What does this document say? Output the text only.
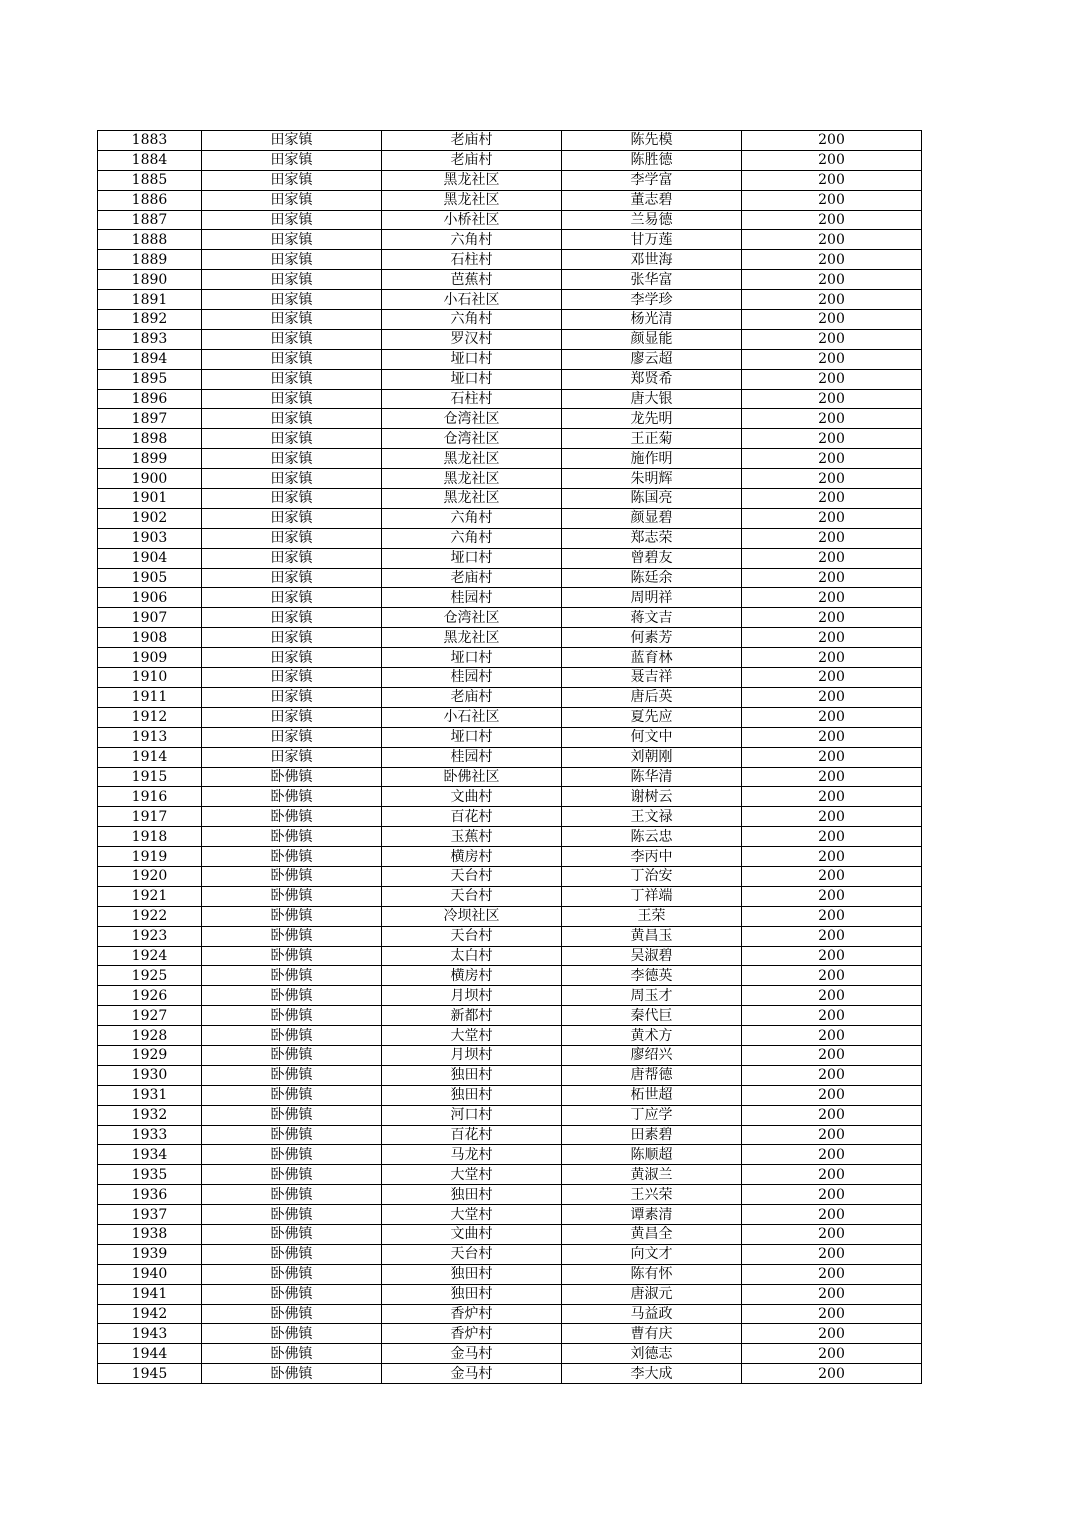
1883	田家镇	老庙村	陈先模	200
1884	田家镇	老庙村	陈胜德	200
1885	田家镇	黑龙社区	李学富	200
1886	田家镇	黑龙社区	董志碧	200
1887	田家镇	小桥社区	兰易德	200
1888	田家镇	六角村	甘万莲	200
1889	田家镇	石柱村	邓世海	200
1890	田家镇	芭蕉村	张华富	200
1891	田家镇	小石社区	李学珍	200
1892	田家镇	六角村	杨光清	200
1893	田家镇	罗汉村	颜显能	200
1894	田家镇	垭口村	廖云超	200
1895	田家镇	垭口村	郑贤希	200
1896	田家镇	石柱村	唐大银	200
1897	田家镇	仓湾社区	龙先明	200
1898	田家镇	仓湾社区	王正菊	200
1899	田家镇	黑龙社区	施作明	200
1900	田家镇	黑龙社区	朱明辉	200
1901	田家镇	黑龙社区	陈国亮	200
1902	田家镇	六角村	颜显碧	200
1903	田家镇	六角村	郑志荣	200
1904	田家镇	垭口村	曾碧友	200
1905	田家镇	老庙村	陈廷余	200
1906	田家镇	桂园村	周明祥	200
1907	田家镇	仓湾社区	蒋文吉	200
1908	田家镇	黑龙社区	何素芳	200
1909	田家镇	垭口村	蓝育林	200
1910	田家镇	桂园村	聂吉祥	200
1911	田家镇	老庙村	唐后英	200
1912	田家镇	小石社区	夏先应	200
1913	田家镇	垭口村	何文中	200
1914	田家镇	桂园村	刘朝刚	200
1915	卧佛镇	卧佛社区	陈华清	200
1916	卧佛镇	文曲村	谢树云	200
1917	卧佛镇	百花村	王文禄	200
1918	卧佛镇	玉蕉村	陈云忠	200
1919	卧佛镇	横房村	李丙中	200
1920	卧佛镇	天台村	丁治安	200
1921	卧佛镇	天台村	丁祥端	200
1922	卧佛镇	冷坝社区	王荣	200
1923	卧佛镇	天台村	黄昌玉	200
1924	卧佛镇	太白村	吴淑碧	200
1925	卧佛镇	横房村	李德英	200
1926	卧佛镇	月坝村	周玉才	200
1927	卧佛镇	新都村	秦代巨	200
1928	卧佛镇	大堂村	黄术方	200
1929	卧佛镇	月坝村	廖绍兴	200
1930	卧佛镇	独田村	唐帮德	200
1931	卧佛镇	独田村	柘世超	200
1932	卧佛镇	河口村	丁应学	200
1933	卧佛镇	百花村	田素碧	200
1934	卧佛镇	马龙村	陈顺超	200
1935	卧佛镇	大堂村	黄淑兰	200
1936	卧佛镇	独田村	王兴荣	200
1937	卧佛镇	大堂村	谭素清	200
1938	卧佛镇	文曲村	黄昌全	200
1939	卧佛镇	天台村	向文才	200
1940	卧佛镇	独田村	陈有怀	200
1941	卧佛镇	独田村	唐淑元	200
1942	卧佛镇	香炉村	马益政	200
1943	卧佛镇	香炉村	曹有庆	200
1944	卧佛镇	金马村	刘德志	200
1945	卧佛镇	金马村	李大成	200
